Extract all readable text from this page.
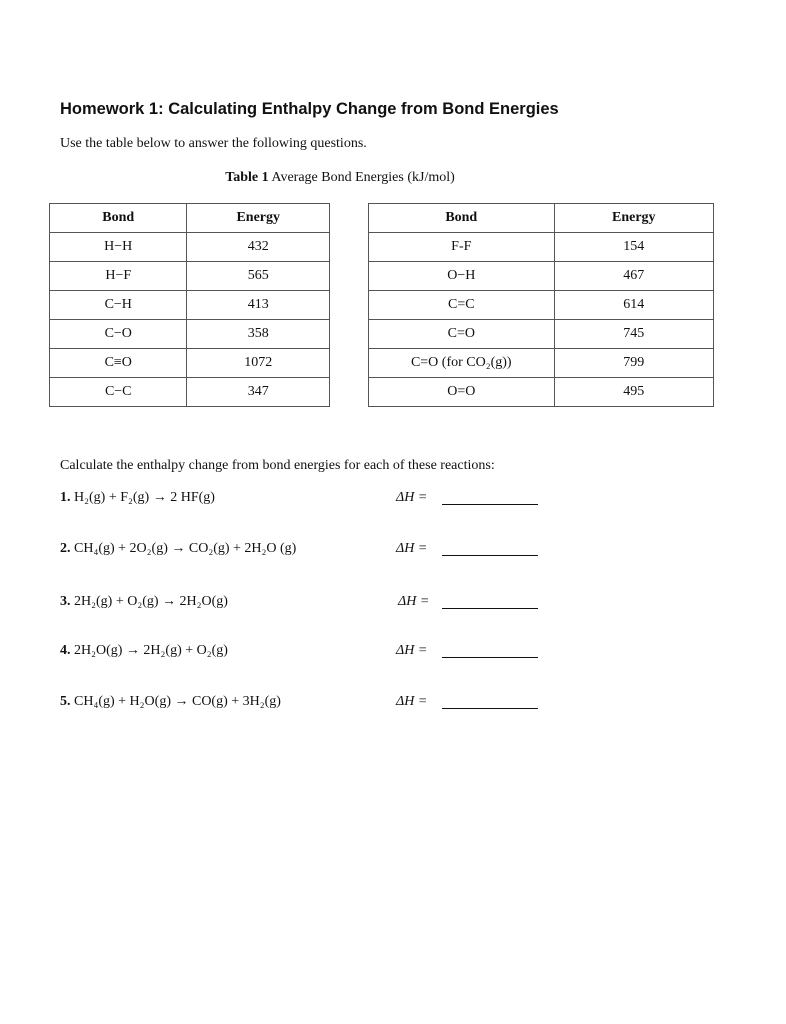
Homework 1: Calculating Enthalpy Change from Bond Energies
Use the table below to answer the following questions.
Table 1 Average Bond Energies (kJ/mol)
Bond	Energy
H−H	432
H−F	565
C−H	413
C−O	358
C≡O	1072
C−C	347
Bond	Energy
F-F	154
O−H	467
C=C	614
C=O	745
C=O (for CO₂(g))	799
O=O	495
Calculate the enthalpy change from bond energies for each of these reactions:
1. H₂(g) + F₂(g) → 2 HF(g)	ΔH =
2. CH₄(g) + 2O₂(g) → CO₂(g) + 2H₂O (g)	ΔH =
3. 2H₂(g) + O₂(g) → 2H₂O(g)	ΔH =
4. 2H₂O(g) → 2H₂(g) + O₂(g)	ΔH =
5. CH₄(g) + H₂O(g) → CO(g) + 3H₂(g)	ΔH =
